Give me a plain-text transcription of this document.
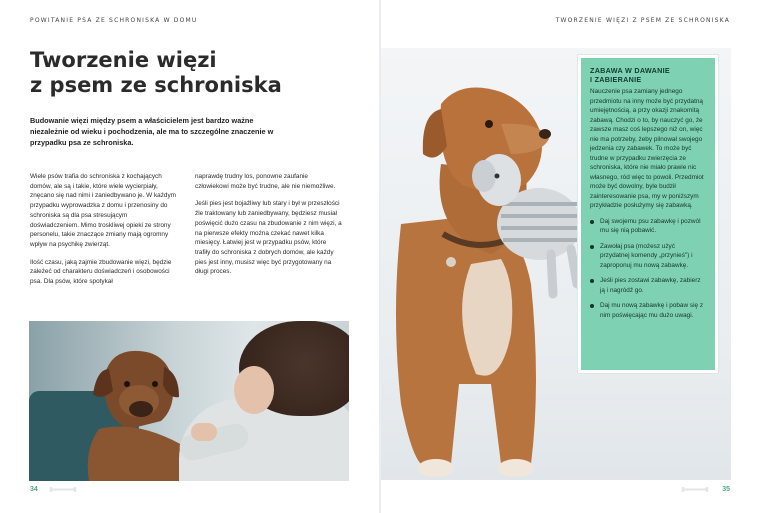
POWITANIE PSA ZE SCHRONISKA W DOMU	TWORZENIE WIĘZI Z PSEM ZE SCHRONISKA
Tworzenie więzi
z psem ze schroniska

Budowanie więzi między psem a właścicielem jest bardzo ważne niezależnie od wieku i pochodzenia, ale ma to szczególne znaczenie w przypadku psa ze schroniska.

Wiele psów trafia do schroniska z kochających domów, ale są i takie, które wiele wycierpiały, znęcano się nad nimi i zaniedbywano je. W każdym przypadku wyprowadzka z domu i przenosiny do schroniska są dla psa stresującym doświadczeniem. Mimo troskliwej opieki ze strony personelu, takie znaczące zmiany mają ogromny wpływ na psychikę zwierząt.

Ilość czasu, jaką zajmie zbudowanie więzi, będzie zależeć od charakteru doświadczeń i osobowości psa. Dla psów, które spotykał

naprawdę trudny los, ponowne zaufanie człowiekowi może być trudne, ale nie niemożliwe.

Jeśli pies jest bojaźliwy lub stary i był w przeszłości źle traktowany lub zaniedbywany, będziesz musiał poświęcić dużo czasu na zbudowanie z nim więzi, a na pierwsze efekty można czekać nawet kilka miesięcy. Łatwiej jest w przypadku psów, które trafiły do schroniska z dobrych domów, ale każdy pies jest inny, musisz więc być przygotowany na długi proces.

ZABAWA W DAWANIE
I ZABIERANIE

Nauczenie psa zamiany jednego przedmiotu na inny może być przydatną umiejętnością, a przy okazji znakomitą zabawą. Chodzi o to, by nauczyć go, że zawsze masz coś lepszego niż on, więc nie ma potrzeby, żeby pilnował swojego jedzenia czy zabawek. To może być trudne w przypadku zwierzęcia ze schroniska, które nie miało prawie nic własnego, ród więc to powoli. Przedmiot może być dowolny, byle budził zainteresowanie psa, my w poniższym przykładzie posłużymy się zabawką.

Daj swojemu psu zabawkę i pozwól mu się nią pobawić.
Zawołaj psa (możesz użyć przydatnej komendy „przynieś") i zaproponuj mu nową zabawkę.
Jeśli pies zostawi zabawkę, zabierz ją i nagródź go.
Daj mu nową zabawkę i pobaw się z nim poświęcając mu dużo uwagi.
34	35
